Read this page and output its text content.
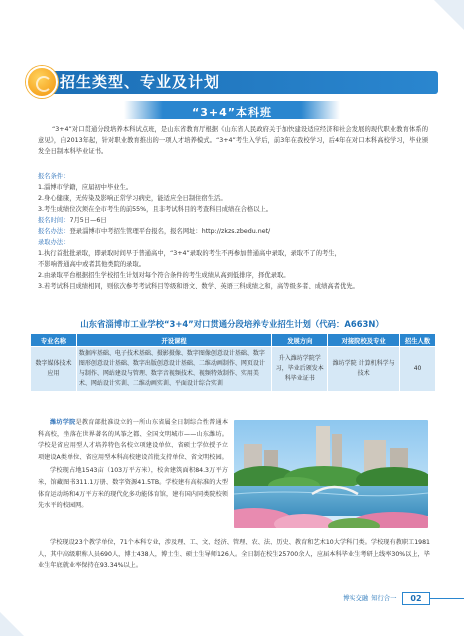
招生类型、专业及计划
“3+4”本科班
“3+4”对口贯通分段培养本科试点班，是山东省教育厅根据《山东省人民政府关于加快建设适应经济和社会发展的现代职业教育体系的意见》，自2013年起，针对职业教育推出的一项人才培养模式。“3+4”考生入学后，前3年在我校学习，后4年在对口本科高校学习，毕业颁发全日制本科毕业证书。

报名条件：

1.淄博市学籍，应届初中毕业生。

2.身心健康，无传染及影响正常学习病史，能适应全日制住宿生活。

3.考生成绩位次须在全市考生的前55%，且非考试科目的考查科目成绩在合格以上。

报名时间：7月5日—6日

报名办法：登录淄博市中考招生管理平台报名，报名网址：http://zkzs.zbedu.net/

录取办法：

1.执行首批批录取，即录取时间早于普通高中，“3+4”录取的考生不再参加普通高中录取，录取不了的考生，

不影响普通高中或者其他类院的录取。

2.由录取平台根据招生学校招生计划对每个符合条件的考生成绩从高到低排序，择优录取。

3.若考试科目成绩相同，则依次参考考试科目等级和语文、数学、英语三科成绩之和，高等级多者、成绩高者优先。

山东省淄博市工业学校“3+4”对口贯通分段培养专业招生计划（代码：A663N）
专业名称	开设课程	发展方向	对接院校及专业	招生人数
数字媒体技术应用	数据库基础、电子技术基础、摄影摄像、数字图像创意设计基础、数字图形创意设计基础、数字出版创意设计基础、二维动画制作、网页设计与制作、网站建设与管理、数字音视频技术、视频特效制作、实用美术、网站设计实训、二维动画实训、平面设计综合实训	升入潍坊学院学习，毕业后颁发本科毕业证书	潍坊学院 计算机科学与技术	40

潍坊学院是教育部批准设立的一所山东省属全日制综合性普通本科高校，坐落在世界著名的风筝之都、全国文明城市——山东潍坊。学校是省应用型人才培养特色名校立项建设单位、省硕士学位授予立项建设A类单位、省应用型本科高校建设首批支持单位、省文明校园。

学校现占地1543亩（103万平方米），校舍建筑面积84.3万平方米，馆藏图书311.1万册、数字资源41.5TB。学校建有高标准的大型体育运动场和4万平方米的现代化多功能体育馆，建有国内同类院校领先水平的校园网。

学校现设23个教学单位，71个本科专业，涉及理、工、文、经济、管理、农、法、历史、教育和艺术10大学科门类。学校现有教职工1981人，其中高级职称人员690人，博士438人，博士生、硕士生导师126人。全日制在校生25700余人，应届本科毕业生考研上线率30%以上，毕业生年底就业率保持在93.34%以上。

博实交融 知行合一	02
